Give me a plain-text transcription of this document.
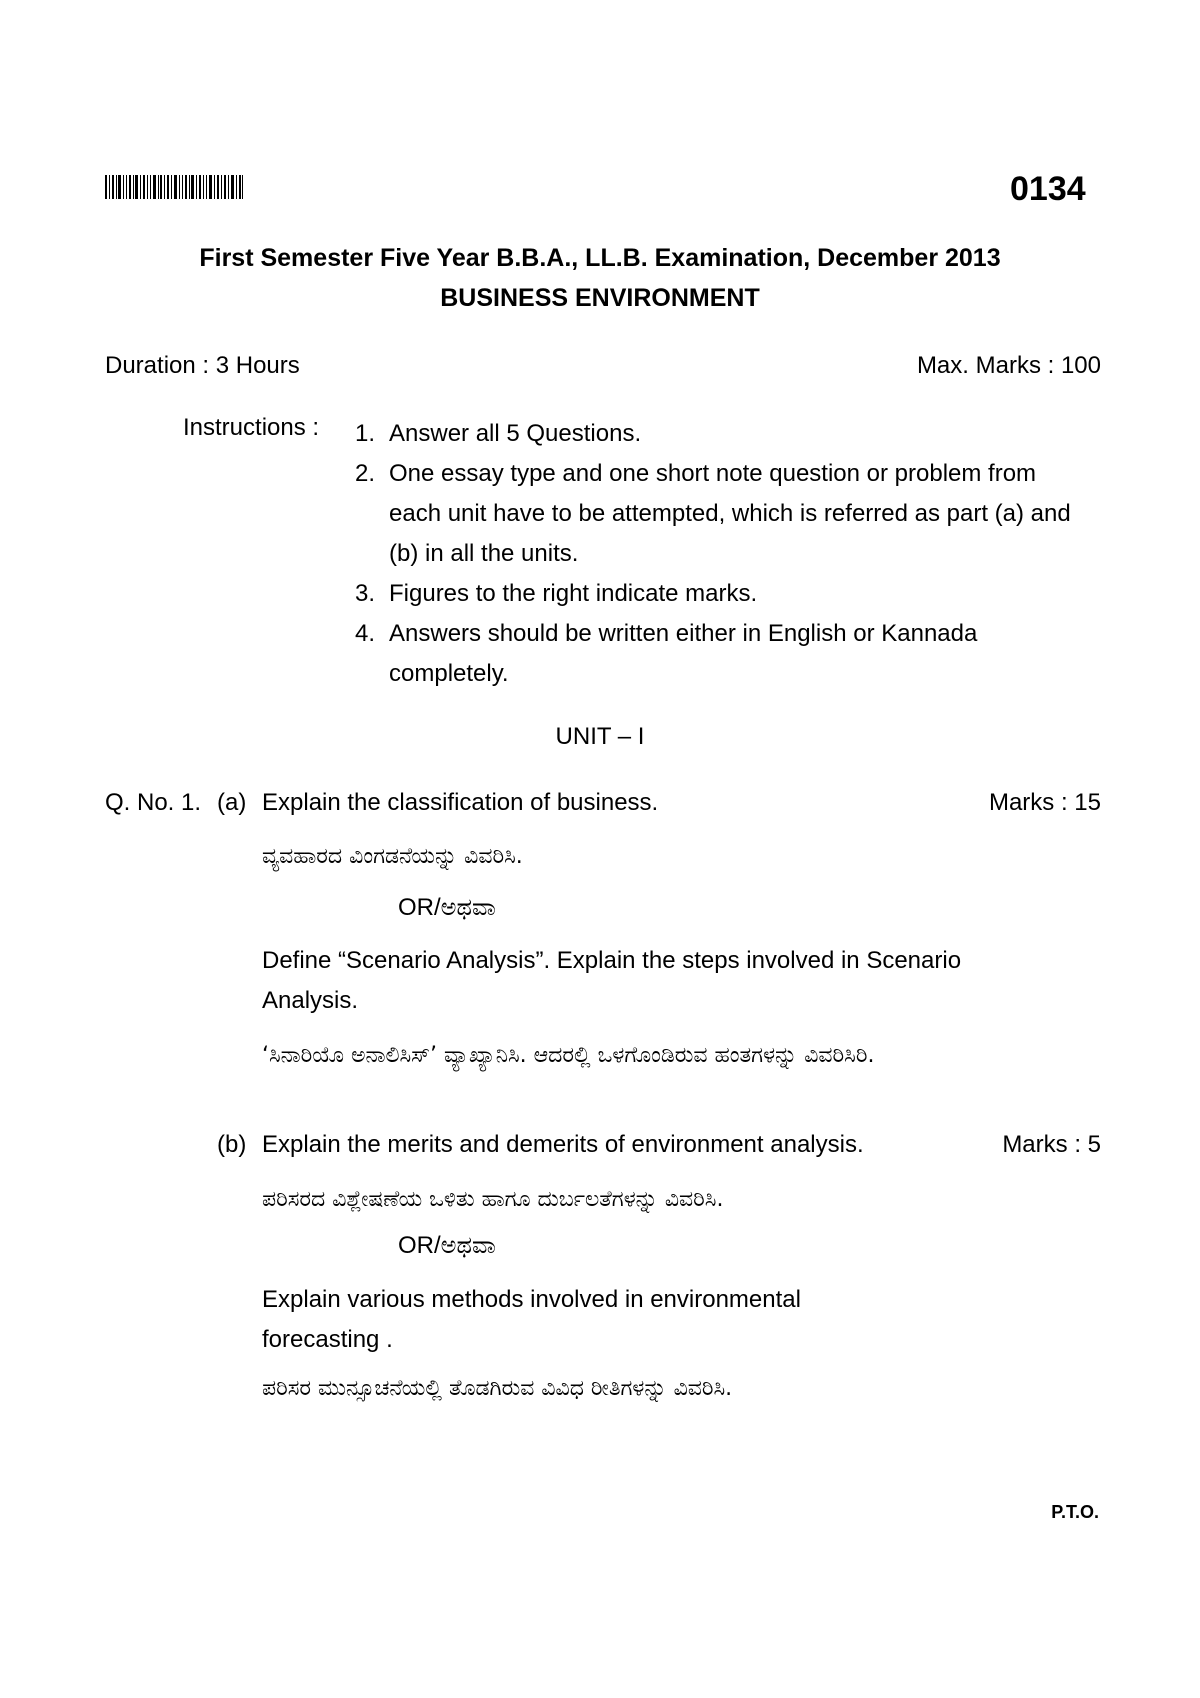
0134
First Semester Five Year B.B.A., LL.B. Examination, December 2013
BUSINESS ENVIRONMENT
Duration : 3 Hours	Max. Marks : 100
Instructions : 1. Answer all 5 Questions.
2. One essay type and one short note question or problem from each unit have to be attempted, which is referred as part (a) and (b) in all the units.
3. Figures to the right indicate marks.
4. Answers should be written either in English or Kannada completely.
UNIT – I
Q. No. 1. (a) Explain the classification of business.	Marks : 15
ವ್ಯವಹಾರದ ವಿಂಗಡನೆಯನ್ನು ವಿವರಿಸಿ.
OR/ಅಥವಾ
Define “Scenario Analysis”. Explain the steps involved in Scenario Analysis.
‘ಸಿನಾರಿಯೊ ಅನಾಲಿಸಿಸ್’ ವ್ಯಾಖ್ಯಾನಿಸಿ. ಆದರಲ್ಲಿ ಒಳಗೊಂಡಿರುವ ಹಂತಗಳನ್ನು ವಿವರಿಸಿರಿ.
(b) Explain the merits and demerits of environment analysis.	Marks : 5
ಪರಿಸರದ ವಿಶ್ಲೇಷಣೆಯ ಒಳಿತು ಹಾಗೂ ದುರ್ಬಲತೆಗಳನ್ನು ವಿವರಿಸಿ.
OR/ಅಥವಾ
Explain various methods involved in environmental forecasting .
ಪರಿಸರ ಮುನ್ಸೂಚನೆಯಲ್ಲಿ ತೊಡಗಿರುವ ವಿವಿಧ ರೀತಿಗಳನ್ನು ವಿವರಿಸಿ.
P.T.O.
